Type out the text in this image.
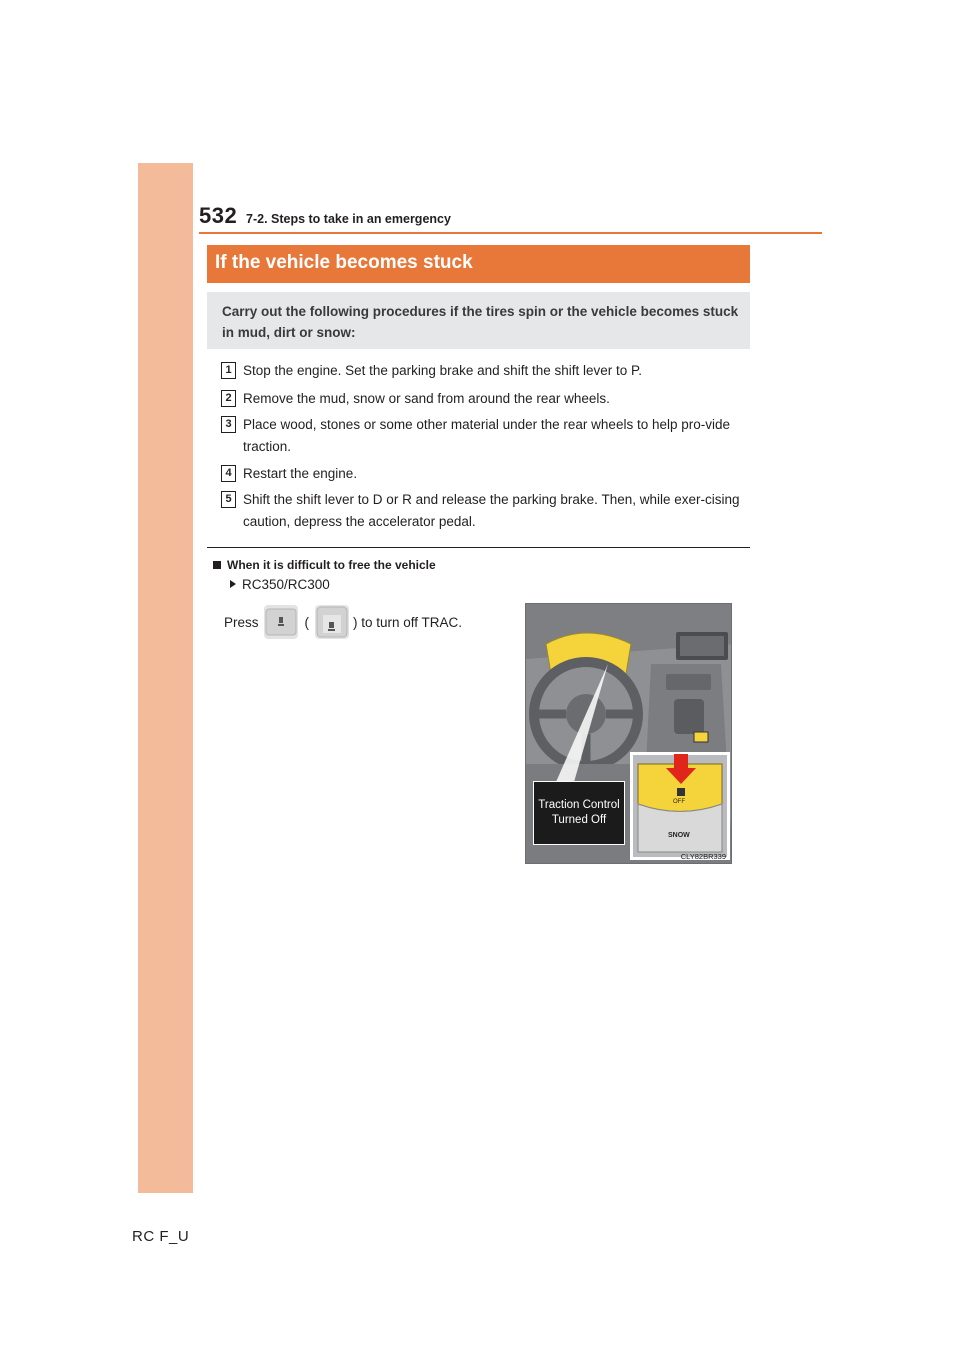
532 7-2. Steps to take in an emergency
If the vehicle becomes stuck
Carry out the following procedures if the tires spin or the vehicle becomes stuck in mud, dirt or snow:
1 Stop the engine. Set the parking brake and shift the shift lever to P.
2 Remove the mud, snow or sand from around the rear wheels.
3 Place wood, stones or some other material under the rear wheels to help pro-vide traction.
4 Restart the engine.
5 Shift the shift lever to D or R and release the parking brake. Then, while exer-cising caution, depress the accelerator pedal.
When it is difficult to free the vehicle
RC350/RC300
Press	(	) to turn off TRAC.
OFF
SNOW
Traction Control Turned Off
CLY82BR339
RC F_U
